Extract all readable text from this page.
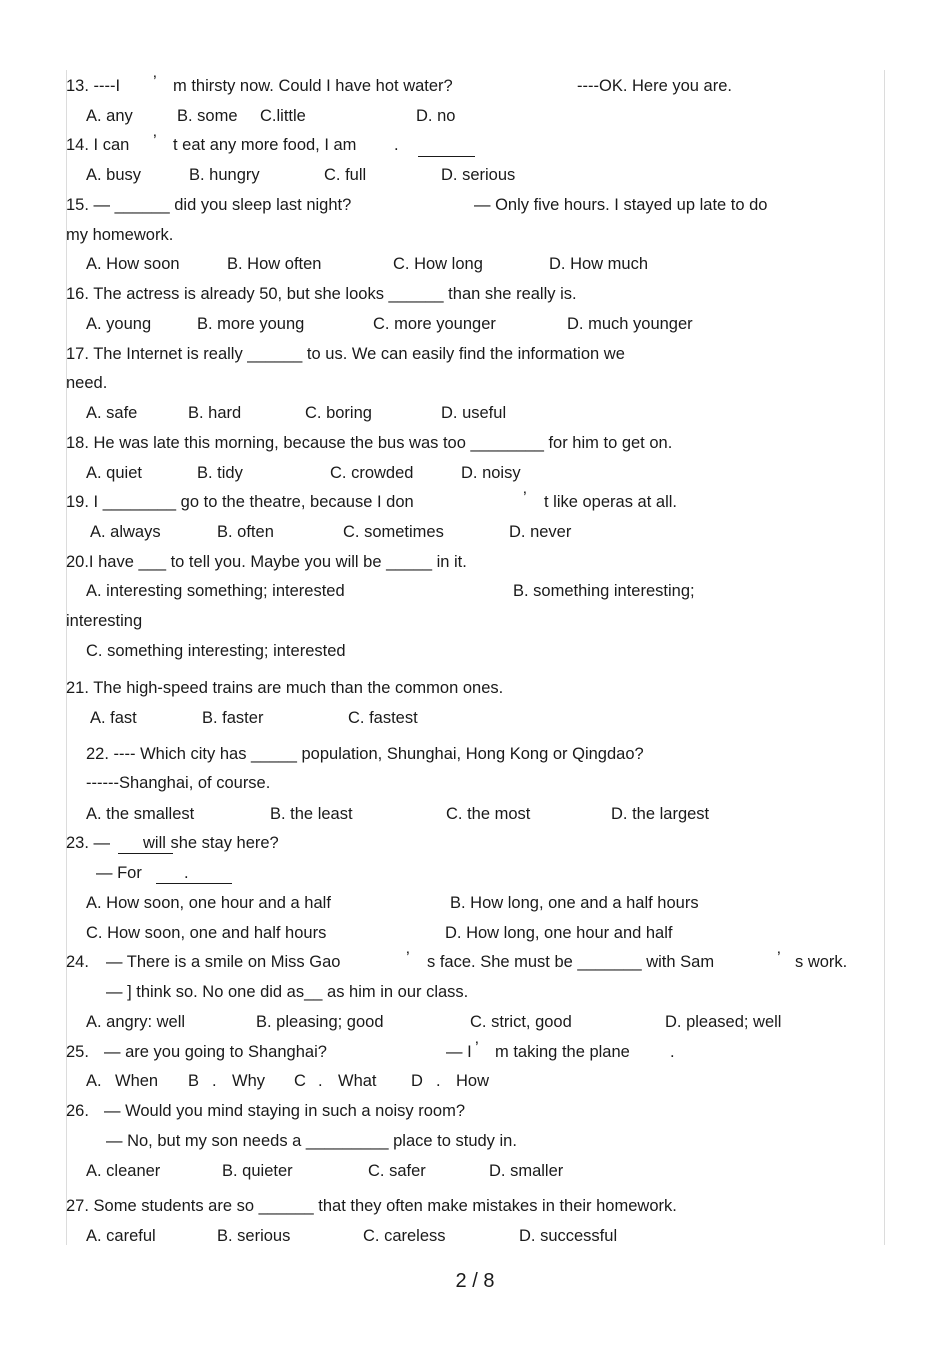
13. ----I ’ m thirsty now. Could I have hot water?	----OK. Here you are.
A. any	B. some C.little	D. no
14. I can ’ t eat any more food, I am .
A. busy	B. hungry	C. full	D. serious
15. — ______ did you sleep last night?	— Only five hours. I stayed up late to do
my homework.
A. How soon	B. How often	C. How long	D. How much
16. The actress is already 50, but she looks ______ than she really is.
A. young	B. more young	C. more younger	D. much younger
17. The Internet is really ______ to us. We can easily find the information we
need.
A. safe	B. hard	C. boring	D. useful
18. He was late this morning, because the bus was too ________ for him to get on.
A. quiet	B. tidy	C. crowded	D. noisy
19. I ________ go to the theatre, because I don	’ t like operas at all.
A. always	B. often	C. sometimes	D. never
20.I have ___ to tell you. Maybe you will be _____ in it.
A. interesting something; interested	B. something interesting;
interesting
C. something interesting; interested
21. The high-speed trains are much than the common ones.
A. fast	B. faster	C. fastest
22. ---- Which city has _____ population, Shunghai, Hong Kong or Qingdao?
------Shanghai, of course.
A. the smallest	B. the least	C. the most	D. the largest
23. — will she stay here?
— For	.
A. How soon, one hour and a half	B. How long, one and a half hours
C. How soon, one and half hours	D. How long, one hour and half
24. — There is a smile on Miss Gao	’ s face. She must be _______ with Sam	’ s work.
— ] think so. No one did as__ as him in our class.
A. angry: well	B. pleasing; good	C. strict, good	D. pleased; well
25. — are you going to Shanghai?	— I ’ m taking the plane .
A. When B . Why C . What D . How
26. — Would you mind staying in such a noisy room?
— No, but my son needs a _________ place to study in.
A. cleaner	B. quieter	C. safer	D. smaller
27. Some students are so ______ that they often make mistakes in their homework.
A. careful	B. serious	C. careless	D. successful
2 / 8
